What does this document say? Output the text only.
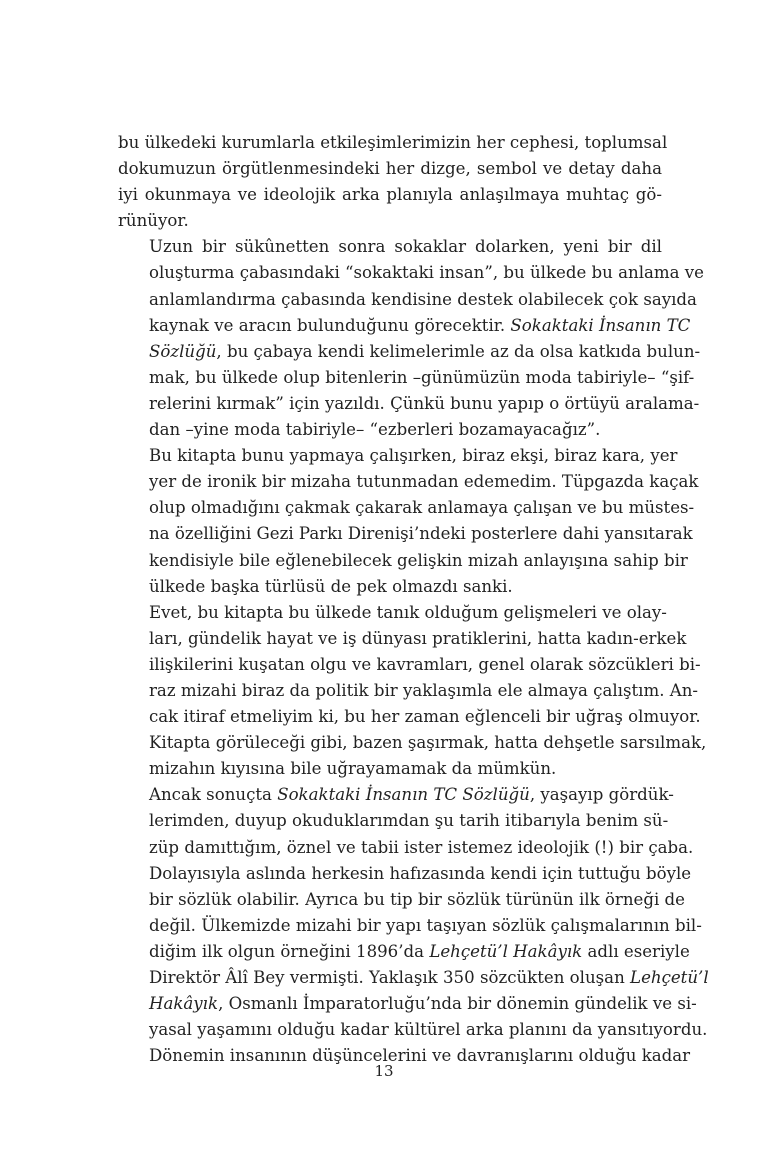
bu ülkedeki kurumlarla etkileşimlerimizin her cephesi, toplumsal
dokumuzun örgütlenmesindeki her dizge, sembol ve detay daha
iyi okunmaya ve ideolojik arka planıyla anlaşılmaya muhtaç gö-
rünüyor.

Uzun bir sükûnetten sonra sokaklar dolarken, yeni bir dil
oluşturma çabasındaki “sokaktaki insan”, bu ülkede bu anlama ve
anlamlandırma çabasında kendisine destek olabilecek çok sayıda
kaynak ve aracın bulunduğunu görecektir. Sokaktaki İnsanın TC
Sözlüğü, bu çabaya kendi kelimelerimle az da olsa katkıda bulun-
mak, bu ülkede olup bitenlerin –günümüzün moda tabiriyle– “şif-
relerini kırmak” için yazıldı. Çünkü bunu yapıp o örtüyü aralama-
dan –yine moda tabiriyle– “ezberleri bozamayacağız”.

Bu kitapta bunu yapmaya çalışırken, biraz ekşi, biraz kara, yer
yer de ironik bir mizaha tutunmadan edemedim. Tüpgazda kaçak
olup olmadığını çakmak çakarak anlamaya çalışan ve bu müstes-
na özelliğini Gezi Parkı Direnişi’ndeki posterlere dahi yansıtarak
kendisiyle bile eğlenebilecek gelişkin mizah anlayışına sahip bir
ülkede başka türlüsü de pek olmazdı sanki.

Evet, bu kitapta bu ülkede tanık olduğum gelişmeleri ve olay-
ları, gündelik hayat ve iş dünyası pratiklerini, hatta kadın-erkek
ilişkilerini kuşatan olgu ve kavramları, genel olarak sözcükleri bi-
raz mizahi biraz da politik bir yaklaşımla ele almaya çalıştım. An-
cak itiraf etmeliyim ki, bu her zaman eğlenceli bir uğraş olmuyor.
Kitapta görüleceği gibi, bazen şaşırmak, hatta dehşetle sarsılmak,
mizahın kıyısına bile uğrayamamak da mümkün.

Ancak sonuçta Sokaktaki İnsanın TC Sözlüğü, yaşayıp gördük-
lerimden, duyup okuduklarımdan şu tarih itibarıyla benim sü-
züp damıttığım, öznel ve tabii ister istemez ideolojik (!) bir çaba.
Dolayısıyla aslında herkesin hafızasında kendi için tuttuğu böyle
bir sözlük olabilir. Ayrıca bu tip bir sözlük türünün ilk örneği de
değil. Ülkemizde mizahi bir yapı taşıyan sözlük çalışmalarının bil-
diğim ilk olgun örneğini 1896’da Lehçetü’l Hakâyık adlı eseriyle
Direktör Âlî Bey vermişti. Yaklaşık 350 sözcükten oluşan Lehçetü’l
Hakâyık, Osmanlı İmparatorluğu’nda bir dönemin gündelik ve si-
yasal yaşamını olduğu kadar kültürel arka planını da yansıtıyordu.
Dönemin insanının düşüncelerini ve davranışlarını olduğu kadar

13
